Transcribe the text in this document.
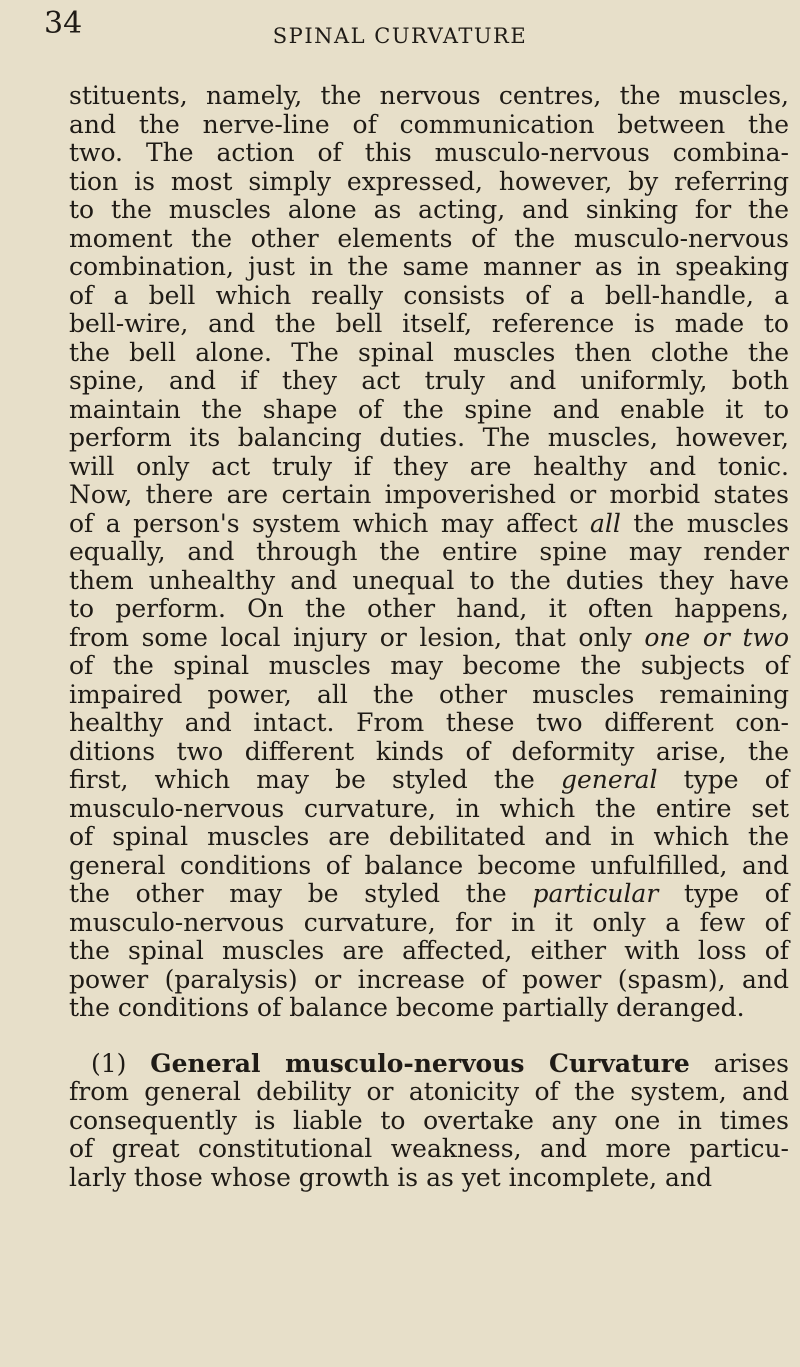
34	SPINAL CURVATURE
stituents, namely, the nervous centres, the muscles,
and the nerve-line of communication between the
two. The action of this musculo-nervous combina-
tion is most simply expressed, however, by referring
to the muscles alone as acting, and sinking for the
moment the other elements of the musculo-nervous
combination, just in the same manner as in speaking
of a bell which really consists of a bell-handle, a
bell-wire, and the bell itself, reference is made to
the bell alone. The spinal muscles then clothe the
spine, and if they act truly and uniformly, both
maintain the shape of the spine and enable it to
perform its balancing duties. The muscles, however,
will only act truly if they are healthy and tonic.
Now, there are certain impoverished or morbid states
of a person's system which may affect all the muscles
equally, and through the entire spine may render
them unhealthy and unequal to the duties they have
to perform. On the other hand, it often happens,
from some local injury or lesion, that only one or two
of the spinal muscles may become the subjects of
impaired power, all the other muscles remaining
healthy and intact. From these two different con-
ditions two different kinds of deformity arise, the
first, which may be styled the general type of
musculo-nervous curvature, in which the entire set
of spinal muscles are debilitated and in which the
general conditions of balance become unfulfilled, and
the other may be styled the particular type of
musculo-nervous curvature, for in it only a few of
the spinal muscles are affected, either with loss of
power (paralysis) or increase of power (spasm), and
the conditions of balance become partially deranged.
(1) General musculo-nervous Curvature arises
from general debility or atonicity of the system, and
consequently is liable to overtake any one in times
of great constitutional weakness, and more particu-
larly those whose growth is as yet incomplete, and
